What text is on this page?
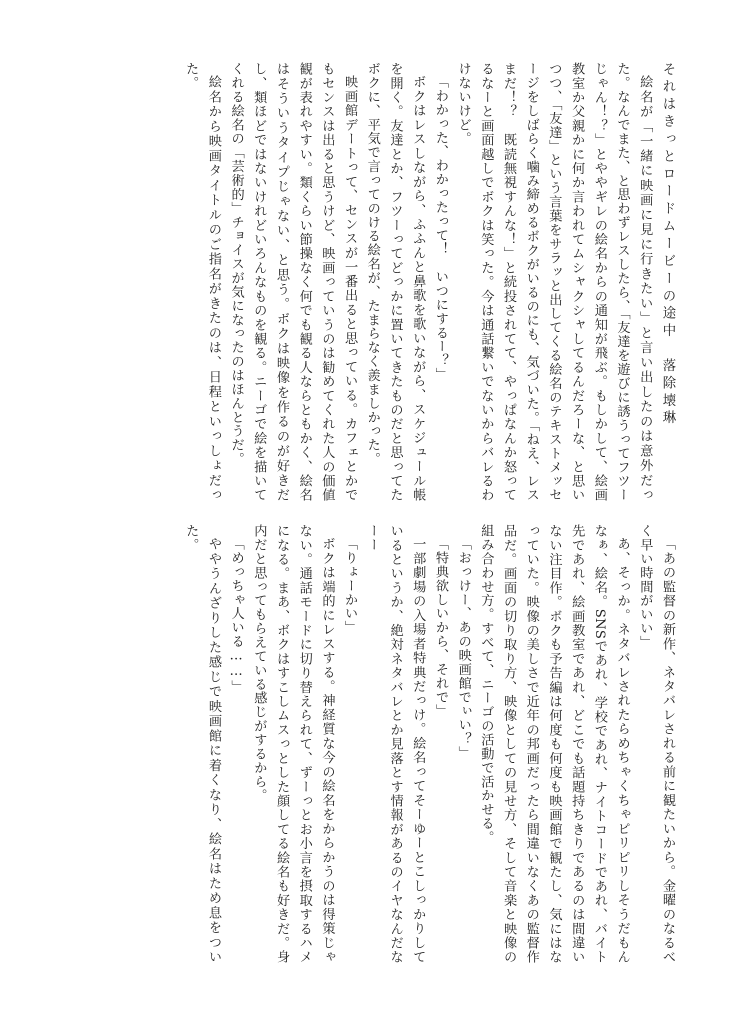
それはきっとロードムービーの途中　落除壊琳
絵名が「一緒に映画に見に行きたい」と言い出したのは意外だった。なんでまた、と思わずレスしたら、「友達を遊びに誘うってフツーじゃん！？」とややギレの絵名からの通知が飛ぶ。もしかして、絵画教室か父親かに何か言われてムシャクシャしてるんだろーな、と思いつつ、「友達」という言葉をサラッと出してくる絵名のテキストメッセージをしばらく噛み締めるボクがいるのにも、気づいた。「ねえ、レスまだ！？　既読無視すんな！」と続投されてて、やっぱなんか怒ってるなーと画面越しでボクは笑った。今は通話繋いでないからバレるわけないけど。
「わかった、わかったって！　いつにするー？」
ボクはレスしながら、ふふんと鼻歌を歌いながら、スケジュール帳を開く。友達とか、フツーってどっかに置いてきたものだと思ってたボクに、平気で言ってのける絵名が、たまらなく羨ましかった。
映画館デートって、センスが一番出ると思っている。カフェとかでもセンスは出ると思うけど、映画っていうのは勧めてくれた人の価値観が表れやすい。類くらい節操なく何でも観る人ならともかく、絵名はそういうタイプじゃない、と思う。ボクは映像を作るのが好きだし、類ほどではないけれどいろんなものを観る。ニーゴで絵を描いてくれる絵名の「芸術的」チョイスが気になったのはほんとうだ。
絵名から映画タイトルのご指名がきたのは、日程といっしょだった。
「あの監督の新作、ネタバレされる前に観たいから。金曜のなるべく早い時間がいい」
あ、そっか。ネタバレされたらめちゃくちゃピリピリしそうだもんなぁ、絵名。SNSであれ、学校であれ、ナイトコードであれ、バイト先であれ、絵画教室であれ、どこでも話題持ちきりであるのは間違いない注目作。ボクも予告編は何度も何度も映画館で観たし、気にはなっていた。映像の美しさで近年の邦画だったら間違いなくあの監督作品だ。画面の切り取り方、映像としての見せ方、そして音楽と映像の組み合わせ方。すべて、ニーゴの活動で活かせる。
「おっけー、あの映画館でぃい？」
「特典欲しいから、それで」
一部劇場の入場者特典だっけ。絵名ってそーゆーとこしっかりしているというか、絶対ネタバレとか見落とす情報があるのイヤなんだなーー
「りょーかい」
ボクは端的にレスする。神経質な今の絵名をからかうのは得策じゃない。通話モードに切り替えられて、ずーっとお小言を摂取するハメになる。まあ、ボクはすこしムスっとした顔してる絵名も好きだ。身内だと思ってもらえている感じがするから。
「めっちゃ人いる……」
ややうんざりした感じで映画館に着くなり、絵名はため息をついた。
